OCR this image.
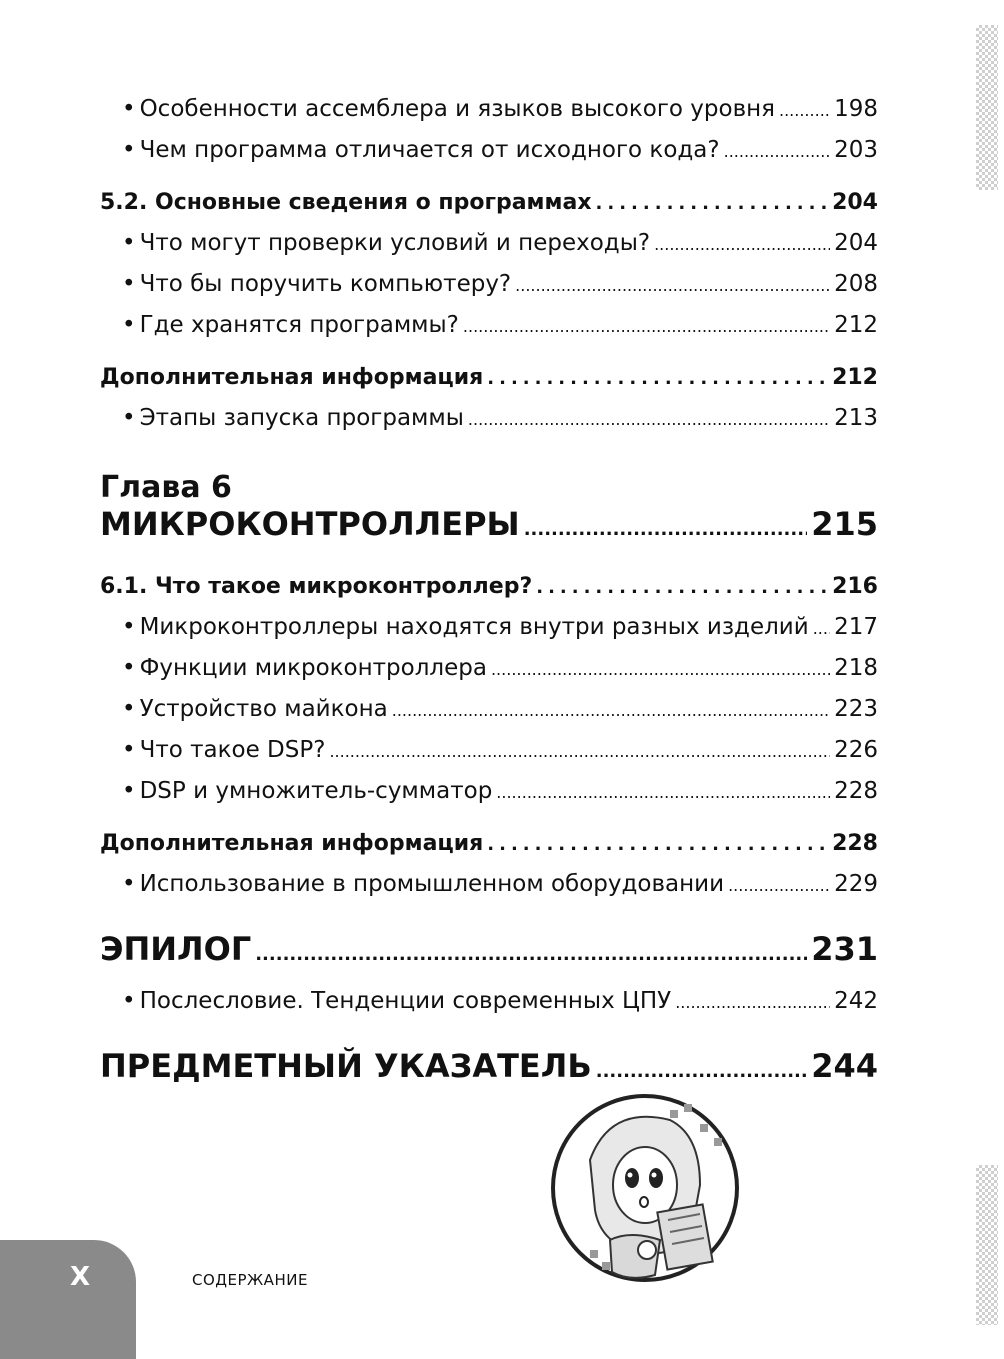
• Особенности ассемблера и языков высокого уровня .....	198
• Чем программа отличается от исходного кода? .....	203
5.2. Основные сведения о программах .....	204
• Что могут проверки условий и переходы? .....	204
• Что бы поручить компьютеру? .....	208
• Где хранятся программы? .....	212
Дополнительная информация .....	212
• Этапы запуска программы .....	213
Глава 6
МИКРОКОНТРОЛЛЕРЫ .....	215
6.1. Что такое микроконтроллер? .....	216
• Микроконтроллеры находятся внутри разных изделий ..... 217
• Функции микроконтроллера .....	218
• Устройство майкона .....	223
• Что такое DSP? .....	226
• DSP и умножитель-сумматор .....	228
Дополнительная информация .....	228
• Использование в промышленном оборудовании .....	229
ЭПИЛОГ .....	231
• Послесловие. Тенденции современных ЦПУ .....	242
ПРЕДМЕТНЫЙ УКАЗАТЕЛЬ .....	244
X	СОДЕРЖАНИЕ
